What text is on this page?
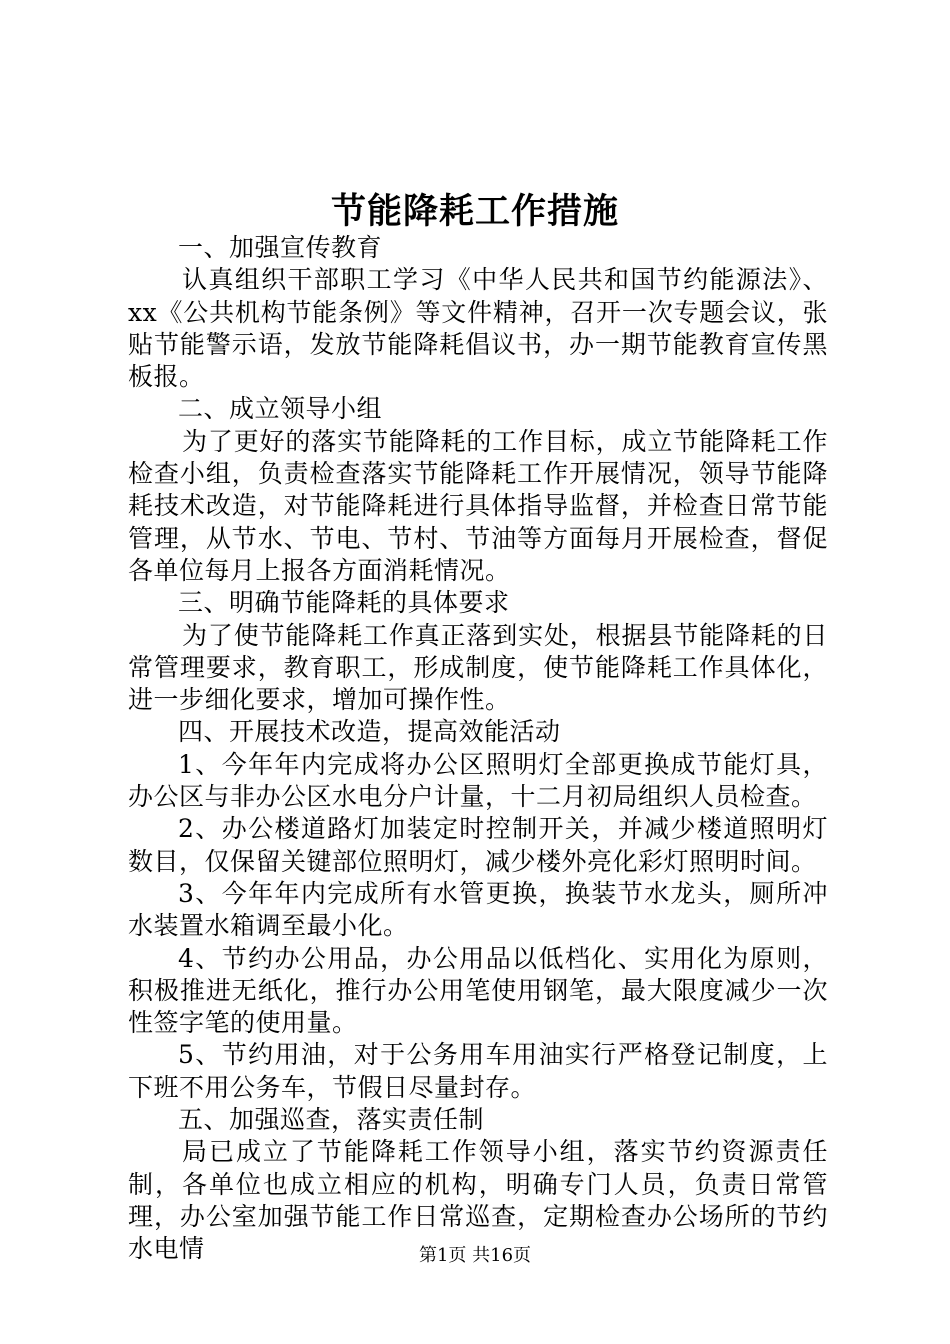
节能降耗工作措施

一、加强宣传教育

认真组织干部职工学习《中华人民共和国节约能源法》、xx《公共机构节能条例》等文件精神，召开一次专题会议，张贴节能警示语，发放节能降耗倡议书，办一期节能教育宣传黑板报。

二、成立领导小组

为了更好的落实节能降耗的工作目标，成立节能降耗工作检查小组，负责检查落实节能降耗工作开展情况，领导节能降耗技术改造，对节能降耗进行具体指导监督，并检查日常节能管理，从节水、节电、节村、节油等方面每月开展检查，督促各单位每月上报各方面消耗情况。

三、明确节能降耗的具体要求

为了使节能降耗工作真正落到实处，根据县节能降耗的日常管理要求，教育职工，形成制度，使节能降耗工作具体化，进一步细化要求，增加可操作性。

四、开展技术改造，提高效能活动

1、今年年内完成将办公区照明灯全部更换成节能灯具，办公区与非办公区水电分户计量，十二月初局组织人员检查。

2、办公楼道路灯加装定时控制开关，并减少楼道照明灯数目，仅保留关键部位照明灯，减少楼外亮化彩灯照明时间。

3、今年年内完成所有水管更换，换装节水龙头，厕所冲水装置水箱调至最小化。

4、节约办公用品，办公用品以低档化、实用化为原则，积极推进无纸化，推行办公用笔使用钢笔，最大限度减少一次性签字笔的使用量。

5、节约用油，对于公务用车用油实行严格登记制度，上下班不用公务车，节假日尽量封存。

五、加强巡查，落实责任制

局已成立了节能降耗工作领导小组，落实节约资源责任制，各单位也成立相应的机构，明确专门人员，负责日常管理，办公室加强节能工作日常巡查，定期检查办公场所的节约水电情	第1页 共16页
